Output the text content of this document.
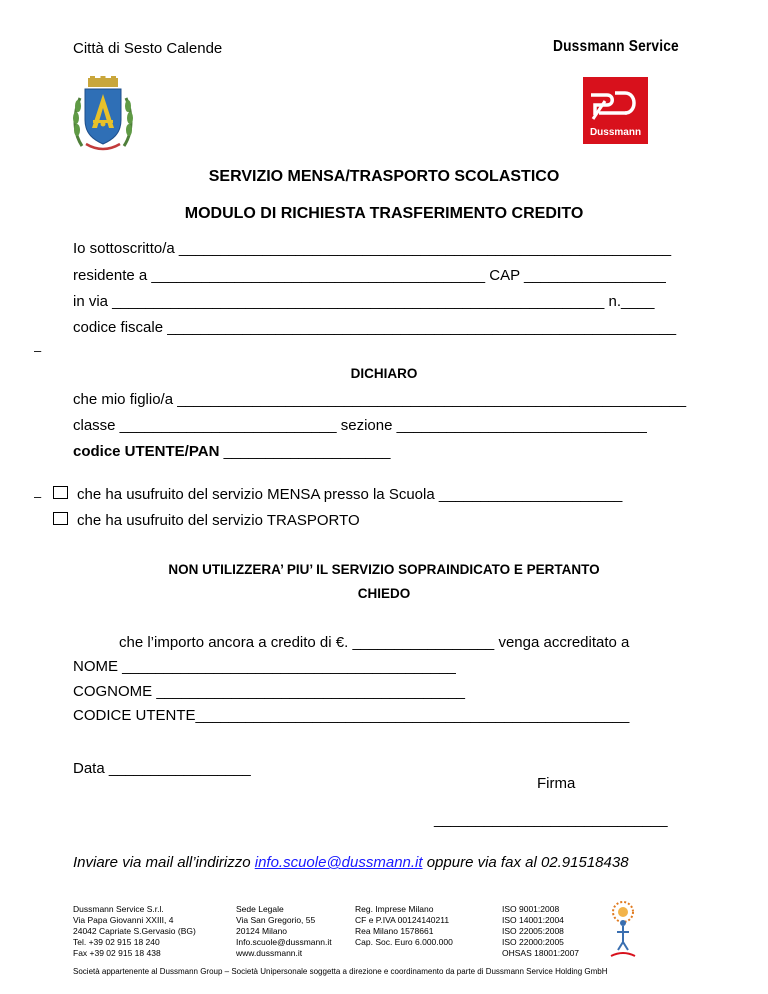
Città di Sesto Calende	Dussmann Service
Dussmann
SERVIZIO MENSA/TRASPORTO SCOLASTICO
MODULO DI RICHIESTA TRASFERIMENTO CREDITO
Io sottoscritto/a ___________________________________________________________
residente a ________________________________________ CAP _________________
in via ___________________________________________________________ n.____
codice fiscale _____________________________________________________________
–
DICHIARO
che mio figlio/a _____________________________________________________________
classe __________________________ sezione ______________________________
codice UTENTE/PAN ____________________
– che ha usufruito del servizio MENSA presso la Scuola ______________________
che ha usufruito del servizio TRASPORTO
NON UTILIZZERA’ PIU’ IL SERVIZIO SOPRAINDICATO E PERTANTO
CHIEDO
che l’importo ancora a credito di €. _________________ venga accreditato a
NOME ________________________________________
COGNOME _____________________________________
CODICE UTENTE____________________________________________________
Data _________________
Firma
____________________________
Inviare via mail all’indirizzo info.scuole@dussmann.it oppure via fax al 02.91518438
Dussmann Service S.r.l.
Via Papa Giovanni XXIII, 4
24042 Capriate S.Gervasio (BG)
Tel. +39 02 915 18 240
Fax +39 02 915 18 438
Sede Legale
Via San Gregorio, 55
20124 Milano
Info.scuole@dussmann.it
www.dussmann.it
Reg. Imprese Milano
CF e P.IVA 00124140211
Rea Milano 1578661
Cap. Soc. Euro 6.000.000
ISO 9001:2008
ISO 14001:2004
ISO 22005:2008
ISO 22000:2005
OHSAS 18001:2007
Società appartenente al Dussmann Group – Società Unipersonale soggetta a direzione e coordinamento da parte di Dussmann Service Holding GmbH
